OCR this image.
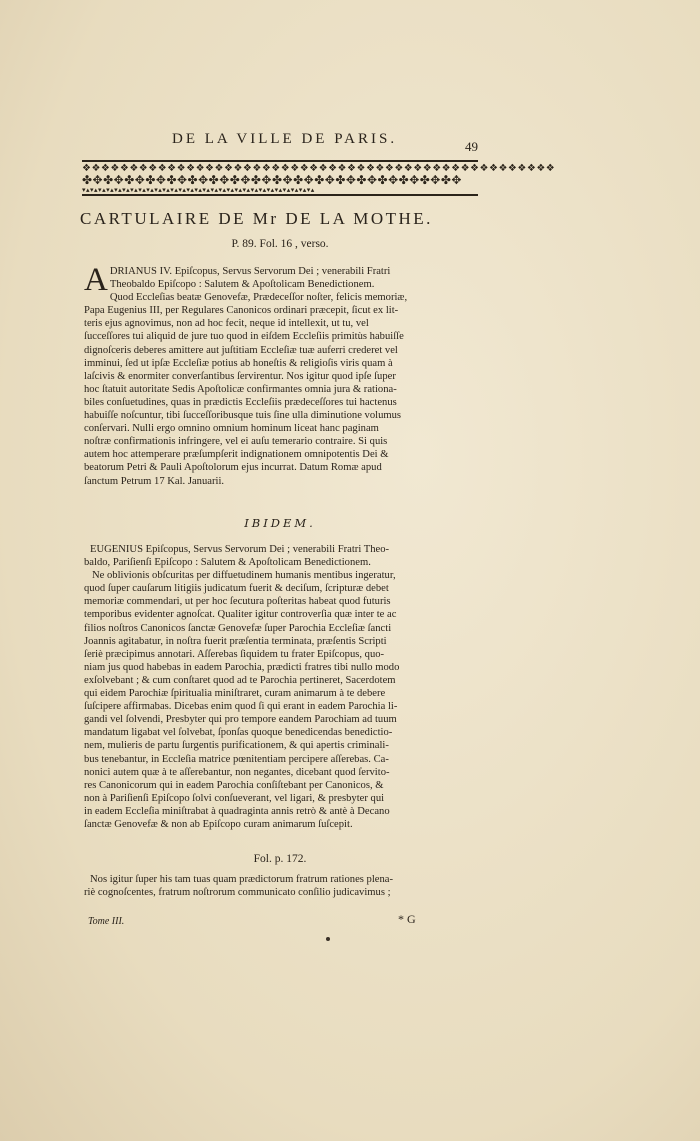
DE LA VILLE DE PARIS.	49
❖❖❖❖❖❖❖❖❖❖❖❖❖❖❖❖❖❖❖❖❖❖❖❖❖❖❖❖❖❖❖❖❖❖❖❖❖❖❖❖❖❖❖❖❖❖❖❖❖❖
✤✥✤✥✤✥✤✥✤✥✤✥✤✥✤✥✤✥✤✥✤✥✤✥✤✥✤✥✤✥✤✥✤✥✤✥
▾▴▾▴▾▴▾▴▾▴▾▴▾▴▾▴▾▴▾▴▾▴▾▴▾▴▾▴▾▴▾▴▾▴▾▴▾▴▾▴▾▴▾▴▾▴▾▴▾▴▾▴▾▴▾▴▾▴
CARTULAIRE DE Mr DE LA MOTHE.
P. 89. Fol. 16 , verso.
A DRIANUS IV. Epiſcopus, Servus Servorum Dei ; venerabili Fratri
Theobaldo Epiſcopo : Salutem & Apoſtolicam Benedictionem.
Quod Eccleſias beatæ Genovefæ, Prædeceſſor noſter, felicis memoriæ,
Papa Eugenius III, per Regulares Canonicos ordinari præcepit, ſicut ex lit-
teris ejus agnovimus, non ad hoc fecit, neque id intellexit, ut tu, vel
ſucceſſores tui aliquid de jure tuo quod in eiſdem Eccleſiis primitùs habuiſſe
dignoſceris deberes amittere aut juſtitiam Eccleſiæ tuæ auferri crederet vel
imminui, ſed ut ipſæ Eccleſiæ potius ab honeſtis & religioſis viris quam à
laſcivis & enormiter converſantibus ſervirentur. Nos igitur quod ipſe ſuper
hoc ſtatuit autoritate Sedis Apoſtolicæ confirmantes omnia jura & rationa-
biles conſuetudines, quas in prædictis Eccleſiis prædeceſſores tui hactenus
habuiſſe noſcuntur, tibi ſucceſſoribusque tuis ſine ulla diminutione volumus
conſervari. Nulli ergo omnino omnium hominum liceat hanc paginam
noſtræ confirmationis infringere, vel ei auſu temerario contraire. Si quis
autem hoc attemperare præſumpſerit indignationem omnipotentis Dei &
beatorum Petri & Pauli Apoſtolorum ejus incurrat. Datum Romæ apud
ſanctum Petrum 17 Kal. Januarii.
IBIDEM.
EUGENIUS Epiſcopus, Servus Servorum Dei ; venerabili Fratri Theo-
baldo, Pariſienſi Epiſcopo : Salutem & Apoſtolicam Benedictionem.
Ne oblivionis obſcuritas per diffuetudinem humanis mentibus ingeratur,
quod ſuper cauſarum litigiis judicatum fuerit & deciſum, ſcripturæ debet
memoriæ commendari, ut per hoc ſecutura poſteritas habeat quod futuris
temporibus evidenter agnoſcat. Qualiter igitur controverſia quæ inter te ac
filios noſtros Canonicos ſanctæ Genovefæ ſuper Parochia Eccleſiæ ſancti
Joannis agitabatur, in noſtra fuerit præſentia terminata, præſentis Scripti
ſeriè præcipimus annotari. Aſſerebas ſiquidem tu frater Epiſcopus, quo-
niam jus quod habebas in eadem Parochia, prædicti fratres tibi nullo modo
exſolvebant ; & cum conſtaret quod ad te Parochia pertineret, Sacerdotem
qui eidem Parochiæ ſpiritualia miniſtraret, curam animarum à te debere
ſuſcipere affirmabas. Dicebas enim quod ſi qui erant in eadem Parochia li-
gandi vel ſolvendi, Presbyter qui pro tempore eandem Parochiam ad tuum
mandatum ligabat vel ſolvebat, ſponſas quoque benedicendas benedictio-
nem, mulieris de partu ſurgentis purificationem, & qui apertis criminali-
bus tenebantur, in Eccleſia matrice pœnitentiam percipere aſſerebas. Ca-
nonici autem quæ à te aſſerebantur, non negantes, dicebant quod ſervito-
res Canonicorum qui in eadem Parochia conſiſtebant per Canonicos, &
non à Pariſienſi Epiſcopo ſolvi conſueverant, vel ligari, & presbyter qui
in eadem Eccleſia miniſtrabat à quadraginta annis retrò & antè à Decano
ſanctæ Genovefæ & non ab Epiſcopo curam animarum ſuſcepit.
Fol. p. 172.
Nos igitur ſuper his tam tuas quam prædictorum fratrum rationes plena-
riè cognoſcentes, fratrum noſtrorum communicato conſilio judicavimus ;
Tome III.	* G
